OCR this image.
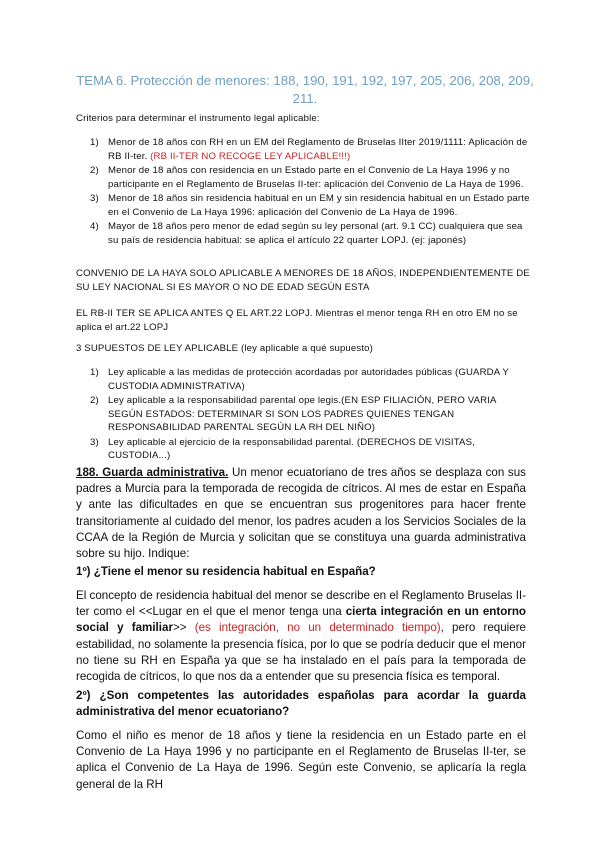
TEMA 6. Protección de menores: 188, 190, 191, 192, 197, 205, 206, 208, 209, 211.
Criterios para determinar el instrumento legal aplicable:
1) Menor de 18 años con RH en un EM del Reglamento de Bruselas IIter 2019/1111: Aplicación de RB II-ter. (RB II-TER NO RECOGE LEY APLICABLE!!!)
2) Menor de 18 años con residencia en un Estado parte en el Convenio de La Haya 1996 y no participante en el Reglamento de Bruselas II-ter: aplicación del Convenio de La Haya de 1996.
3) Menor de 18 años sin residencia habitual en un EM y sin residencia habitual en un Estado parte en el Convenio de La Haya 1996: aplicación del Convenio de La Haya de 1996.
4) Mayor de 18 años pero menor de edad según su ley personal (art. 9.1 CC) cualquiera que sea su país de residencia habitual: se aplica el artículo 22 quarter LOPJ. (ej: japonés)
CONVENIO DE LA HAYA SOLO APLICABLE A MENORES DE 18 AÑOS, INDEPENDIENTEMENTE DE SU LEY NACIONAL SI ES MAYOR O NO DE EDAD SEGÚN ESTA
EL RB-II TER SE APLICA ANTES Q EL ART.22 LOPJ. Mientras el menor tenga RH en otro EM no se aplica el art.22 LOPJ
3 SUPUESTOS DE LEY APLICABLE (ley aplicable a qué supuesto)
1) Ley aplicable a las medidas de protección acordadas por autoridades públicas (GUARDA Y CUSTODIA ADMINISTRATIVA)
2) Ley aplicable a la responsabilidad parental ope legis.(EN ESP FILIACIÓN, PERO VARIA SEGÚN ESTADOS: DETERMINAR SI SON LOS PADRES QUIENES TENGAN RESPONSABILIDAD PARENTAL SEGÚN LA RH DEL NIÑO)
3) Ley aplicable al ejercicio de la responsabilidad parental. (DERECHOS DE VISITAS, CUSTODIA...)
188. Guarda administrativa. Un menor ecuatoriano de tres años se desplaza con sus padres a Murcia para la temporada de recogida de cítricos. Al mes de estar en España y ante las dificultades en que se encuentran sus progenitores para hacer frente transitoriamente al cuidado del menor, los padres acuden a los Servicios Sociales de la CCAA de la Región de Murcia y solicitan que se constituya una guarda administrativa sobre su hijo. Indique:
1º) ¿Tiene el menor su residencia habitual en España?
El concepto de residencia habitual del menor se describe en el Reglamento Bruselas II-ter como el <<Lugar en el que el menor tenga una cierta integración en un entorno social y familiar>> (es integración, no un determinado tiempo), pero requiere estabilidad, no solamente la presencia física, por lo que se podría deducir que el menor no tiene su RH en España ya que se ha instalado en el país para la temporada de recogida de cítricos, lo que nos da a entender que su presencia física es temporal.
2º) ¿Son competentes las autoridades españolas para acordar la guarda administrativa del menor ecuatoriano?
Como el niño es menor de 18 años y tiene la residencia en un Estado parte en el Convenio de La Haya 1996 y no participante en el Reglamento de Bruselas II-ter, se aplica el Convenio de La Haya de 1996. Según este Convenio, se aplicaría la regla general de la RH
